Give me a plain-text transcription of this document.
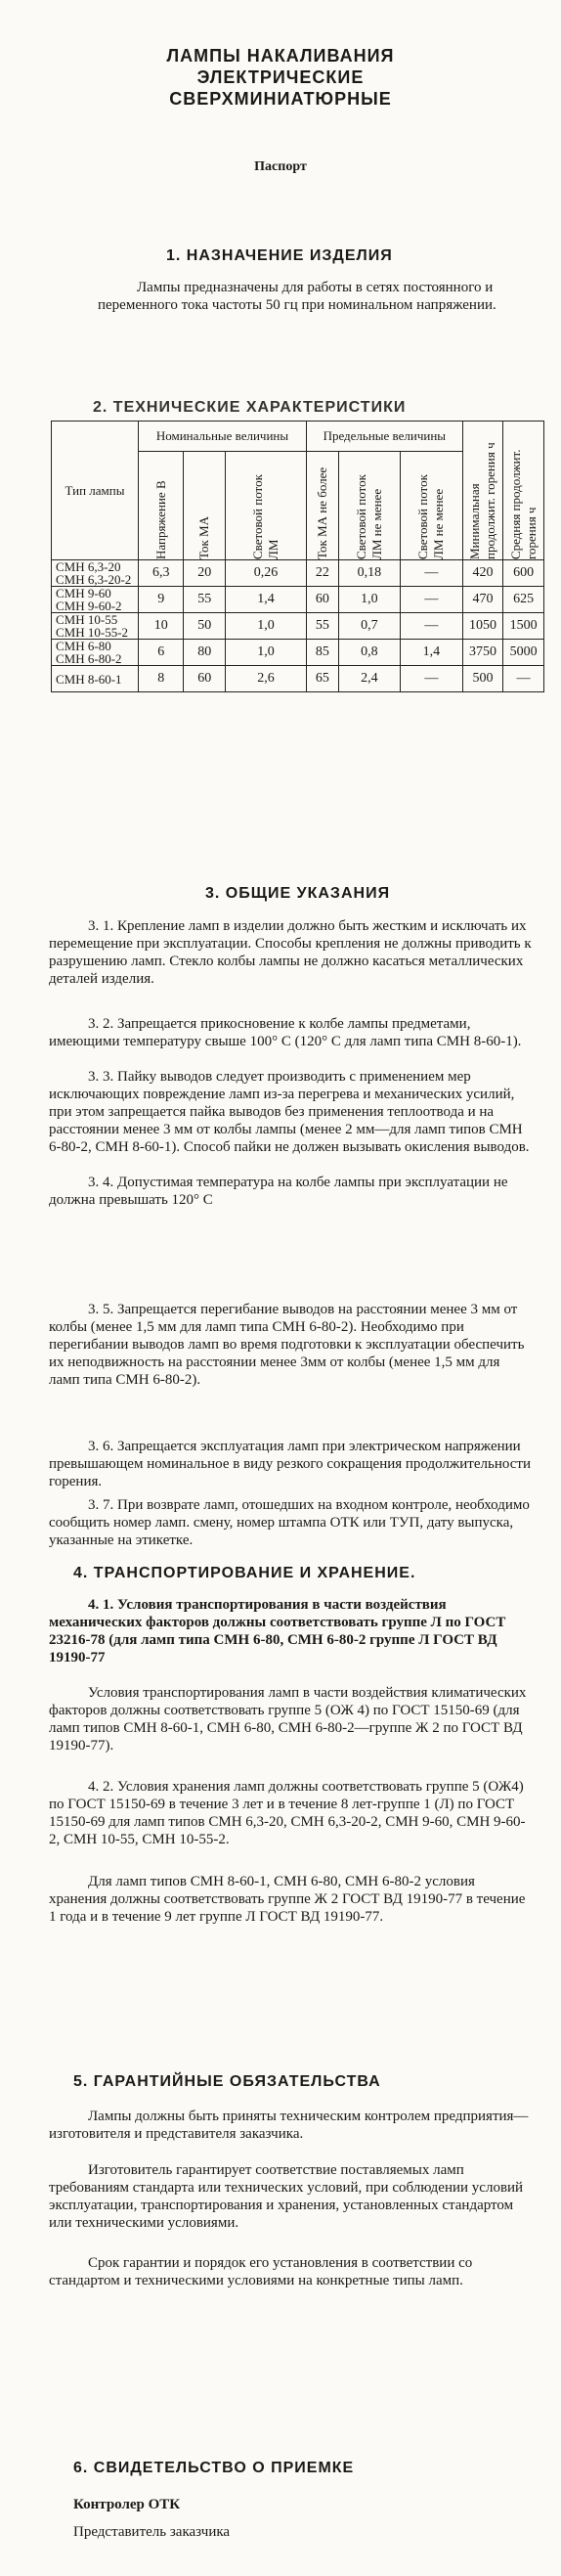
ЛАМПЫ НАКАЛИВАНИЯ
ЭЛЕКТРИЧЕСКИЕ
СВЕРХМИНИАТЮРНЫЕ
Паспорт
1. НАЗНАЧЕНИЕ ИЗДЕЛИЯ
Лампы предназначены для работы в сетях постоянного и переменного тока частоты 50 гц при номинальном напряжении.
2. ТЕХНИЧЕСКИЕ ХАРАКТЕРИСТИКИ
Тип лампы	Номинальные величины			Предельные величины			Минимальная продолжит. горения ч	Средняя продолжит. горения ч

	Напряжение В	Ток МА	Световой поток ЛМ	Ток МА не более	Световой поток ЛМ не менее	Световой поток ЛМ не менее		

СМН 6,3-20 СМН 6,3-20-2	6,3	20	0,26	22	0,18	—	420	600
СМН 9-60 СМН 9-60-2	9	55	1,4	60	1,0	—	470	625
СМН 10-55 СМН 10-55-2	10	50	1,0	55	0,7	—	1050	1500
СМН 6-80 СМН 6-80-2	6	80	1,0	85	0,8	1,4	3750	5000
СМН 8-60-1	8	60	2,6	65	2,4	—	500	—
3. ОБЩИЕ УКАЗАНИЯ
3. 1. Крепление ламп в изделии должно быть жестким и исключать их перемещение при эксплуатации. Способы крепления не должны приводить к разрушению ламп. Стекло колбы лампы не должно касаться металлических деталей изделия.
3. 2. Запрещается прикосновение к колбе лампы предметами, имеющими температуру свыше 100° С (120° С для ламп типа СМН 8-60-1).
3. 3. Пайку выводов следует производить с применением мер исключающих повреждение ламп из-за перегрева и механических усилий, при этом запрещается пайка выводов без применения теплоотвода и на расстоянии менее 3 мм от колбы лампы (менее 2 мм—для ламп типов СМН 6-80-2, СМН 8-60-1). Способ пайки не должен вызывать окисления выводов.
3. 4. Допустимая температура на колбе лампы при эксплуатации не должна превышать 120° С
3. 5. Запрещается перегибание выводов на расстоянии менее 3 мм от колбы (менее 1,5 мм для ламп типа СМН 6-80-2). Необходимо при перегибании выводов ламп во время подготовки к эксплуатации обеспечить их неподвижность на расстоянии менее 3мм от колбы (менее 1,5 мм для ламп типа СМН 6-80-2).
3. 6. Запрещается эксплуатация ламп при электрическом напряжении превышающем номинальное в виду резкого сокращения продолжительности горения.
3. 7. При возврате ламп, отошедших на входном контроле, необходимо сообщить номер ламп. смену, номер штампа ОТК или ТУП, дату выпуска, указанные на этикетке.
4. ТРАНСПОРТИРОВАНИЕ И ХРАНЕНИЕ.
4. 1. Условия транспортирования в части воздействия механических факторов должны соответствовать группе Л по ГОСТ 23216-78 (для ламп типа СМН 6-80, СМН 6-80-2 группе Л ГОСТ ВД 19190-77
Условия транспортирования ламп в части воздействия климатических факторов должны соответствовать группе 5 (ОЖ 4) по ГОСТ 15150-69 (для ламп типов СМН 8-60-1, СМН 6-80, СМН 6-80-2—группе Ж 2 по ГОСТ ВД 19190-77).
4. 2. Условия хранения ламп должны соответствовать группе 5 (ОЖ4) по ГОСТ 15150-69 в течение 3 лет и в течение 8 лет-группе 1 (Л) по ГОСТ 15150-69 для ламп типов СМН 6,3-20, СМН 6,3-20-2, СМН 9-60, СМН 9-60-2, СМН 10-55, СМН 10-55-2.
Для ламп типов СМН 8-60-1, СМН 6-80, СМН 6-80-2 условия хранения должны соответствовать группе Ж 2 ГОСТ ВД 19190-77 в течение 1 года и в течение 9 лет группе Л ГОСТ ВД 19190-77.
5. ГАРАНТИЙНЫЕ ОБЯЗАТЕЛЬСТВА
Лампы должны быть приняты техническим контролем предприятия—изготовителя и представителя заказчика.
Изготовитель гарантирует соответствие поставляемых ламп требованиям стандарта или технических условий, при соблюдении условий эксплуатации, транспортирования и хранения, установленных стандартом или техническими условиями.
Срок гарантии и порядок его установления в соответствии со стандартом и техническими условиями на конкретные типы ламп.
6. СВИДЕТЕЛЬСТВО О ПРИЕМКЕ
Контролер ОТК
Представитель заказчика
